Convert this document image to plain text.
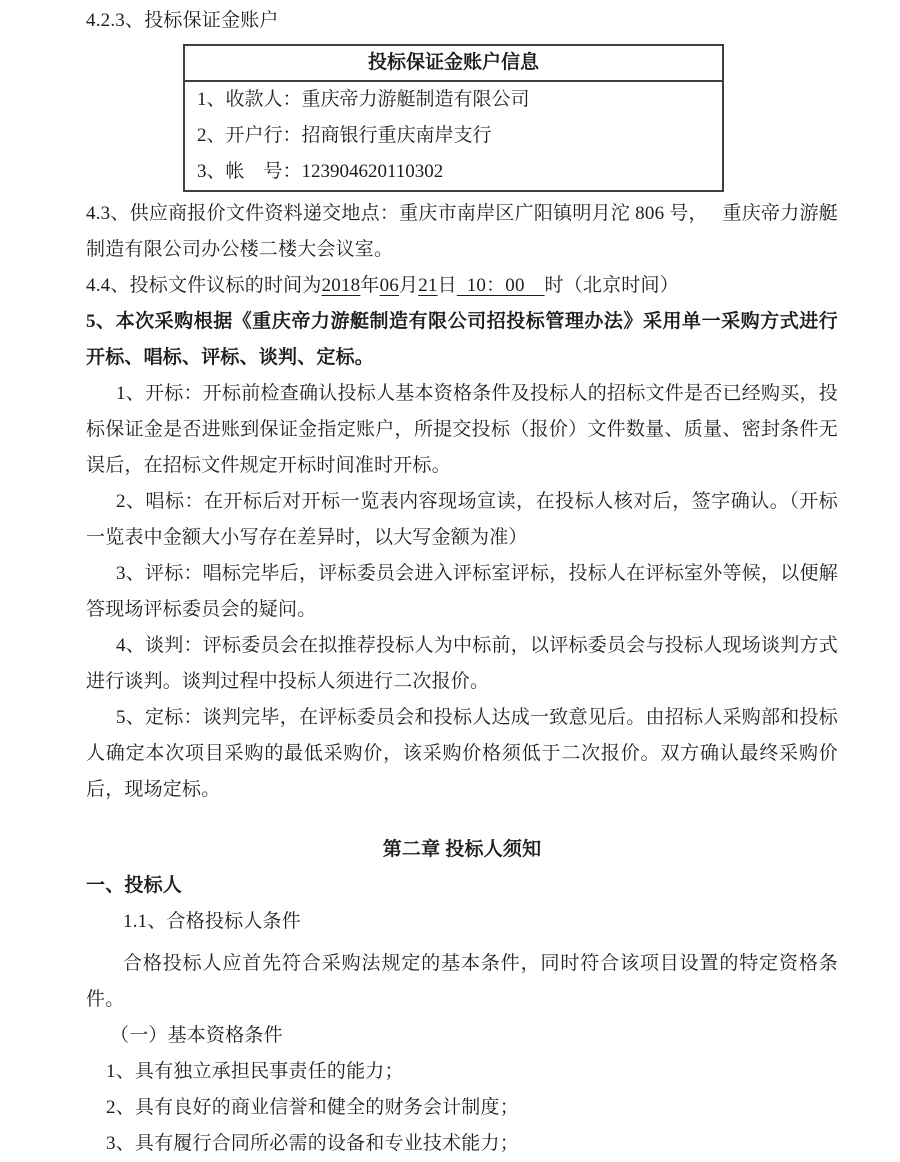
4.2.3、投标保证金账户

投标保证金账户信息
1、收款人：重庆帝力游艇制造有限公司
2、开户行：招商银行重庆南岸支行
3、帐　号：123904620110302

4.3、供应商报价文件资料递交地点：重庆市南岸区广阳镇明月沱 806 号，　 重庆帝力游艇制造有限公司办公楼二楼大会议室。

4.4、投标文件议标的时间为2018年06月21日  10：00    时（北京时间）

5、本次采购根据《重庆帝力游艇制造有限公司招投标管理办法》采用单一采购方式进行开标、唱标、评标、谈判、定标。

1、开标：开标前检查确认投标人基本资格条件及投标人的招标文件是否已经购买，投标保证金是否进账到保证金指定账户，所提交投标（报价）文件数量、质量、密封条件无误后，在招标文件规定开标时间准时开标。

2、唱标：在开标后对开标一览表内容现场宣读，在投标人核对后，签字确认。（开标一览表中金额大小写存在差异时，以大写金额为准）

3、评标：唱标完毕后，评标委员会进入评标室评标，投标人在评标室外等候，以便解答现场评标委员会的疑问。

4、谈判：评标委员会在拟推荐投标人为中标前，以评标委员会与投标人现场谈判方式进行谈判。谈判过程中投标人须进行二次报价。

5、定标：谈判完毕，在评标委员会和投标人达成一致意见后。由招标人采购部和投标人确定本次项目采购的最低采购价，该采购价格须低于二次报价。双方确认最终采购价后，现场定标。

第二章 投标人须知

一、投标人

1.1、合格投标人条件

合格投标人应首先符合采购法规定的基本条件，同时符合该项目设置的特定资格条件。

（一）基本资格条件

1、具有独立承担民事责任的能力；

2、具有良好的商业信誉和健全的财务会计制度；

3、具有履行合同所必需的设备和专业技术能力；
